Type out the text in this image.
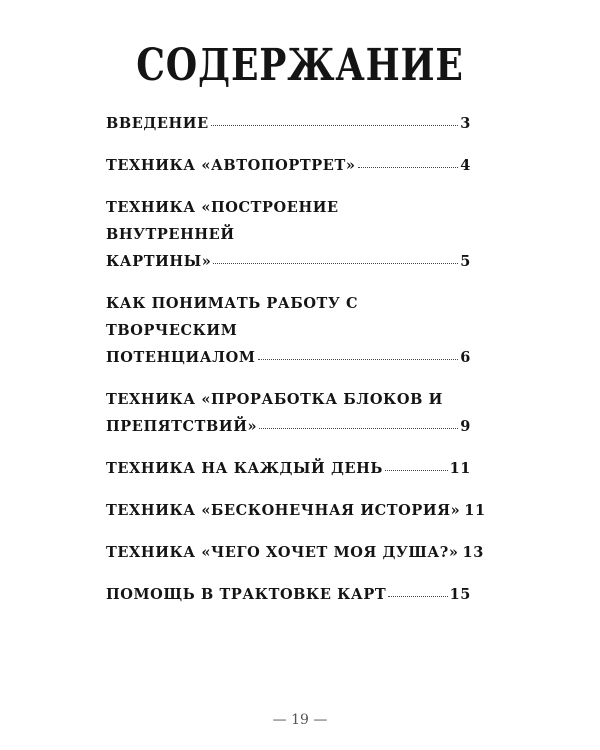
СОДЕРЖАНИЕ
ВВЕДЕНИЕ	3
ТЕХНИКА «АВТОПОРТРЕТ»	4
ТЕХНИКА «ПОСТРОЕНИЕ ВНУТРЕННЕЙ
КАРТИНЫ»	5
КАК ПОНИМАТЬ РАБОТУ С ТВОРЧЕСКИМ
ПОТЕНЦИАЛОМ	6
ТЕХНИКА «ПРОРАБОТКА БЛОКОВ И
ПРЕПЯТСТВИЙ»	9
ТЕХНИКА НА КАЖДЫЙ ДЕНЬ	11
ТЕХНИКА «БЕСКОНЕЧНАЯ ИСТОРИЯ» 11
ТЕХНИКА «ЧЕГО ХОЧЕТ МОЯ ДУША?» 13
ПОМОЩЬ В ТРАКТОВКЕ КАРТ	15
— 19 —
